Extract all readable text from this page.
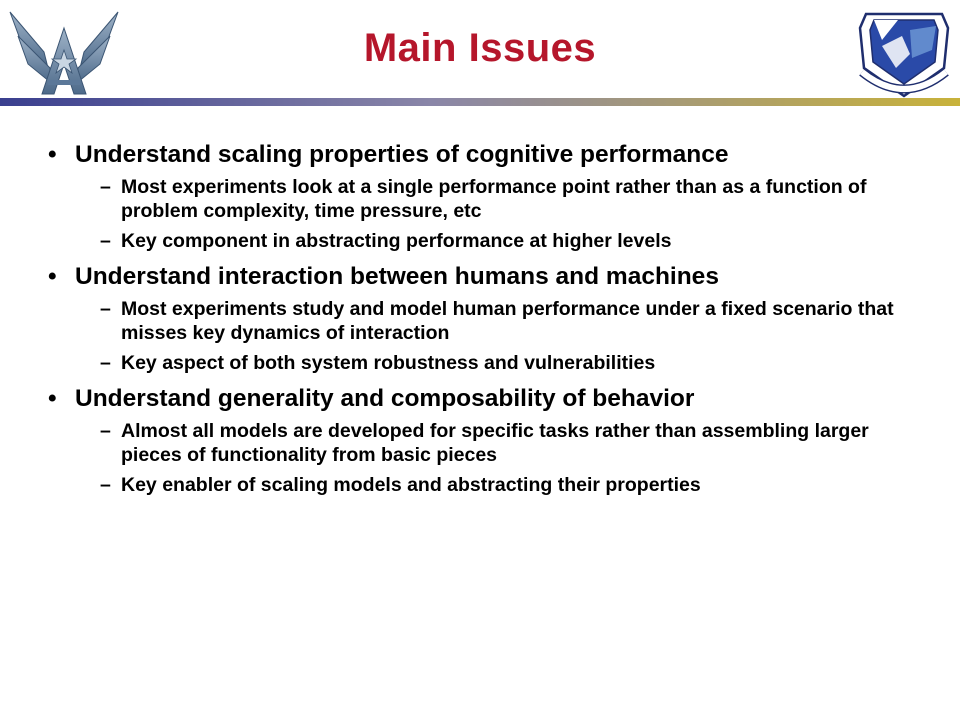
Main Issues
• Understand scaling properties of cognitive performance
– Most experiments look at a single performance point rather than as a function of problem complexity, time pressure, etc
– Key component in abstracting performance at higher levels
• Understand interaction between humans and machines
– Most experiments study and model human performance under a fixed scenario that misses key dynamics of interaction
– Key aspect of both system robustness and vulnerabilities
• Understand generality and composability of behavior
– Almost all models are developed for specific tasks rather than assembling larger pieces of functionality from basic pieces
– Key enabler of scaling models and abstracting their properties
